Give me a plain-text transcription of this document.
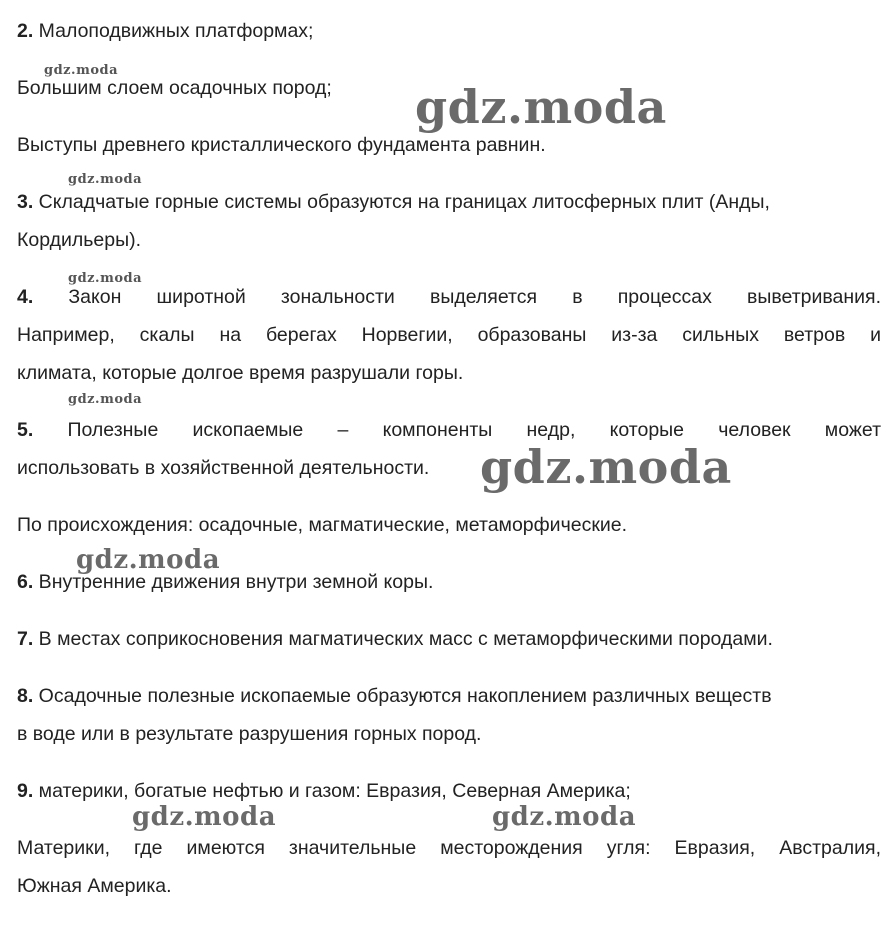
2. Малоподвижных платформах;
Большим слоем осадочных пород;
Выступы древнего кристаллического фундамента равнин.
3. Складчатые горные системы образуются на границах литосферных плит (Анды,
Кордильеры).
4. Закон широтной зональности выделяется в процессах выветривания.
Например, скалы на берегах Норвегии, образованы из-за сильных ветров и
климата, которые долгое время разрушали горы.
5. Полезные ископаемые – компоненты недр, которые человек может
использовать в хозяйственной деятельности.
По происхождения: осадочные, магматические, метаморфические.
6. Внутренние движения внутри земной коры.
7. В местах соприкосновения магматических масс с метаморфическими породами.
8. Осадочные полезные ископаемые образуются накоплением различных веществ
в воде или в результате разрушения горных пород.
9. материки, богатые нефтью и газом: Евразия, Северная Америка;
Материки, где имеются значительные месторождения угля: Евразия, Австралия,
Южная Америка.
gdz.moda
gdz.moda
gdz.moda
gdz.moda
gdz.moda
gdz.moda
gdz.moda
gdz.moda	gdz.moda
